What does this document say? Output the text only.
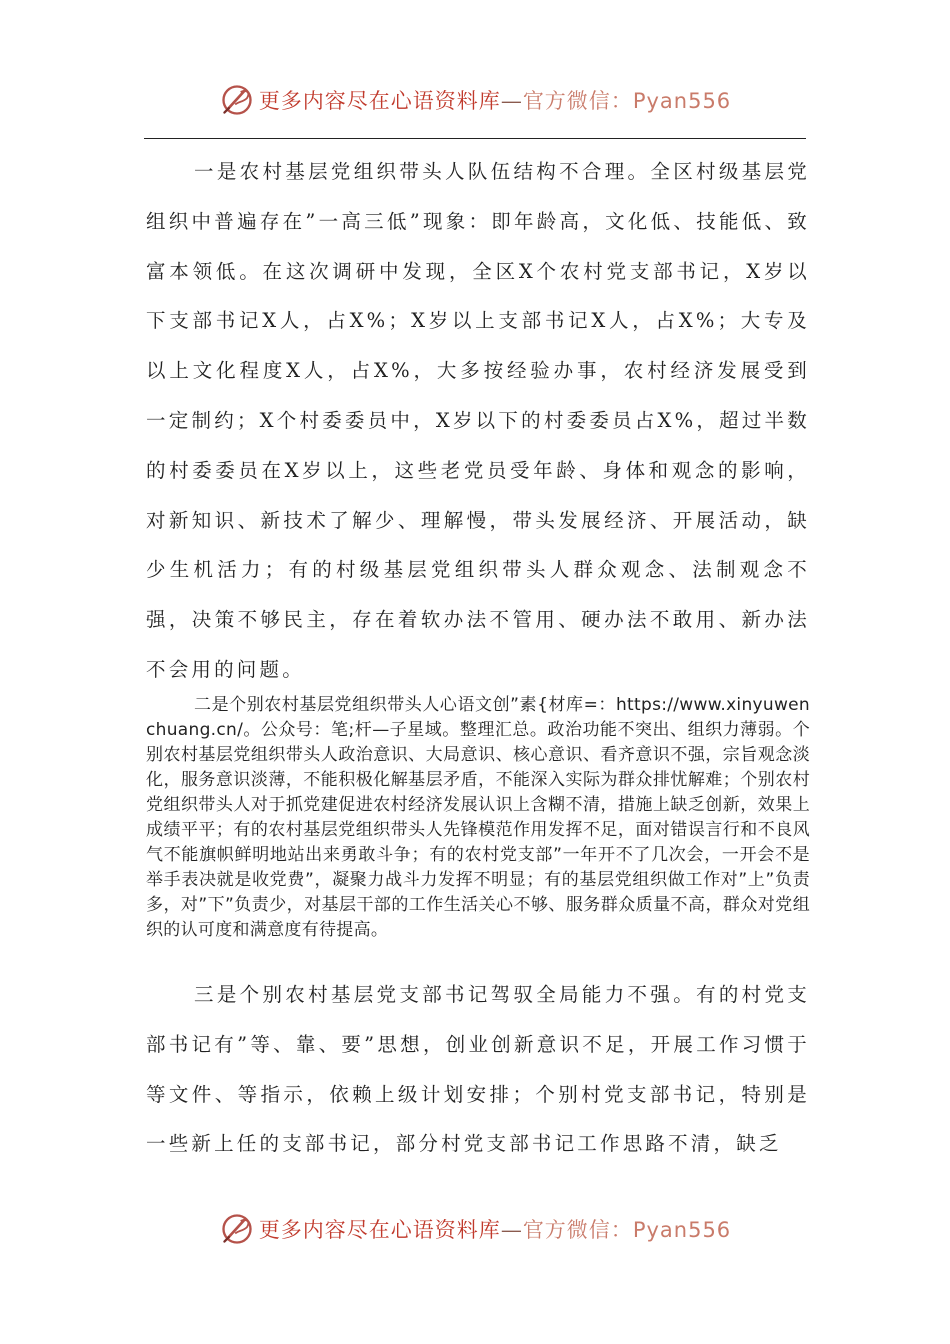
更多内容尽在心语资料库—官方微信：Pyan556

一是农村基层党组织带头人队伍结构不合理。全区村级基层党组织中普遍存在”一高三低”现象：即年龄高，文化低、技能低、致富本领低。在这次调研中发现，全区X个农村党支部书记，X岁以下支部书记X人，占X%；X岁以上支部书记X人，占X%；大专及以上文化程度X人，占X%，大多按经验办事，农村经济发展受到一定制约；X个村委委员中，X岁以下的村委委员占X%，超过半数的村委委员在X岁以上，这些老党员受年龄、身体和观念的影响，对新知识、新技术了解少、理解慢，带头发展经济、开展活动，缺少生机活力；有的村级基层党组织带头人群众观念、法制观念不强，决策不够民主，存在着软办法不管用、硬办法不敢用、新办法不会用的问题。

二是个别农村基层党组织带头人心语文创”素{材库=：https://www.xinyuwenchuang.cn/。公众号：笔;杆—子星域。整理汇总。政治功能不突出、组织力薄弱。个别农村基层党组织带头人政治意识、大局意识、核心意识、看齐意识不强，宗旨观念淡化，服务意识淡薄，不能积极化解基层矛盾，不能深入实际为群众排忧解难；个别农村党组织带头人对于抓党建促进农村经济发展认识上含糊不清，措施上缺乏创新，效果上成绩平平；有的农村基层党组织带头人先锋模范作用发挥不足，面对错误言行和不良风气不能旗帜鲜明地站出来勇敢斗争；有的农村党支部”一年开不了几次会，一开会不是举手表决就是收党费”，凝聚力战斗力发挥不明显；有的基层党组织做工作对”上”负责多，对”下”负责少，对基层干部的工作生活关心不够、服务群众质量不高，群众对党组织的认可度和满意度有待提高。

三是个别农村基层党支部书记驾驭全局能力不强。有的村党支部书记有”等、靠、要”思想，创业创新意识不足，开展工作习惯于等文件、等指示，依赖上级计划安排；个别村党支部书记，特别是一些新上任的支部书记，部分村党支部书记工作思路不清，缺乏

更多内容尽在心语资料库—官方微信：Pyan556
